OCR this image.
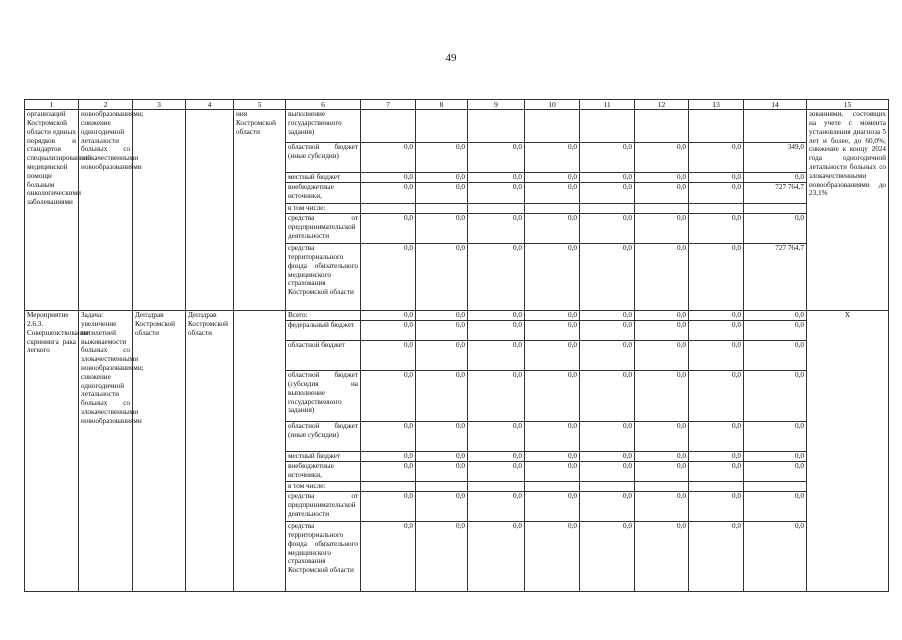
49
1	2	3	4	5	6	7	8	9	10	11	12	13	14	15
организаций Костромской области единых порядков и стандартов специализированной медицинской помощи больным онкологическими заболеваниями	новообразованиями; снижение одногодичной летальности больных со злокачественными новообразованиями			ния Костромской области	выполнение государственного задания)									зованиями, состоящих на учете с момента установления диагноза 5 лет и более, до 60,0%; снижение к концу 2024 года одногодичной летальности больных со злокачественными новообразованиями до 23,1%
					областной бюджет (иные субсидии)	0,0	0,0	0,0	0,0	0,0	0,0	0,0	349,0	
					местный бюджет	0,0	0,0	0,0	0,0	0,0	0,0	0,0	0,0	
					внебюджетные источники,	0,0	0,0	0,0	0,0	0,0	0,0	0,0	727 764,7	
					в том числе:									
					средства от предпринимательской деятельности	0,0	0,0	0,0	0,0	0,0	0,0	0,0	0,0	
					средства территориального фонда обязательного медицинского страхования Костромской области	0,0	0,0	0,0	0,0	0,0	0,0	0,0	727 764,7	
Мероприятие 2.6.3. Совершенствование скрининга рака легкого	Задача: увеличение пятилетней выживаемости больных со злокачественными новообразованиями; снижение одногодичной летальности больных со злокачественными новообразованиями	Депздрав Костромской области	Депздрав Костромской области		Всего:	0,0	0,0	0,0	0,0	0,0	0,0	0,0	0,0	Х
					федеральный бюджет	0,0	0,0	0,0	0,0	0,0	0,0	0,0	0,0	
					областной бюджет	0,0	0,0	0,0	0,0	0,0	0,0	0,0	0,0	
					областной бюджет (субсидия на выполнение государственного задания)	0,0	0,0	0,0	0,0	0,0	0,0	0,0	0,0	
					областной бюджет (иные субсидии)	0,0	0,0	0,0	0,0	0,0	0,0	0,0	0,0	
					местный бюджет	0,0	0,0	0,0	0,0	0,0	0,0	0,0	0,0	
					внебюджетные источники,	0,0	0,0	0,0	0,0	0,0	0,0	0,0	0,0	
					в том числе:									
					средства от предпринимательской деятельности	0,0	0,0	0,0	0,0	0,0	0,0	0,0	0,0	
					средства территориального фонда обязательного медицинского страхования Костромской области	0,0	0,0	0,0	0,0	0,0	0,0	0,0	0,0	
